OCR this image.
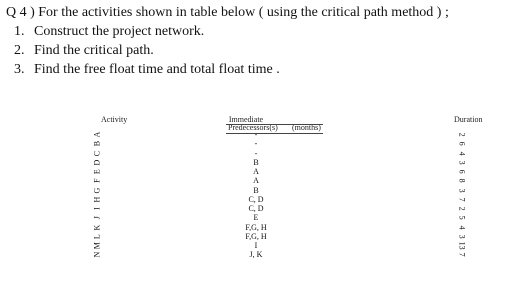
Q 4 ) For the activities shown in table below ( using the critical path method ) ;
1. Construct the project network.
2. Find the critical path.
3. Find the free float time and total float time .
Activity	Immediate
Predecessors(s) (months)
Duration
A
B
C
D
E
F
G
H
I
J
K
L
M
N
-
-
-
B
A
A
B
C, D
C, D
E
F,G, H
F,G, H
I
J, K
2
6
4
3
6
8
3
7
2
5
4
3
13
7
